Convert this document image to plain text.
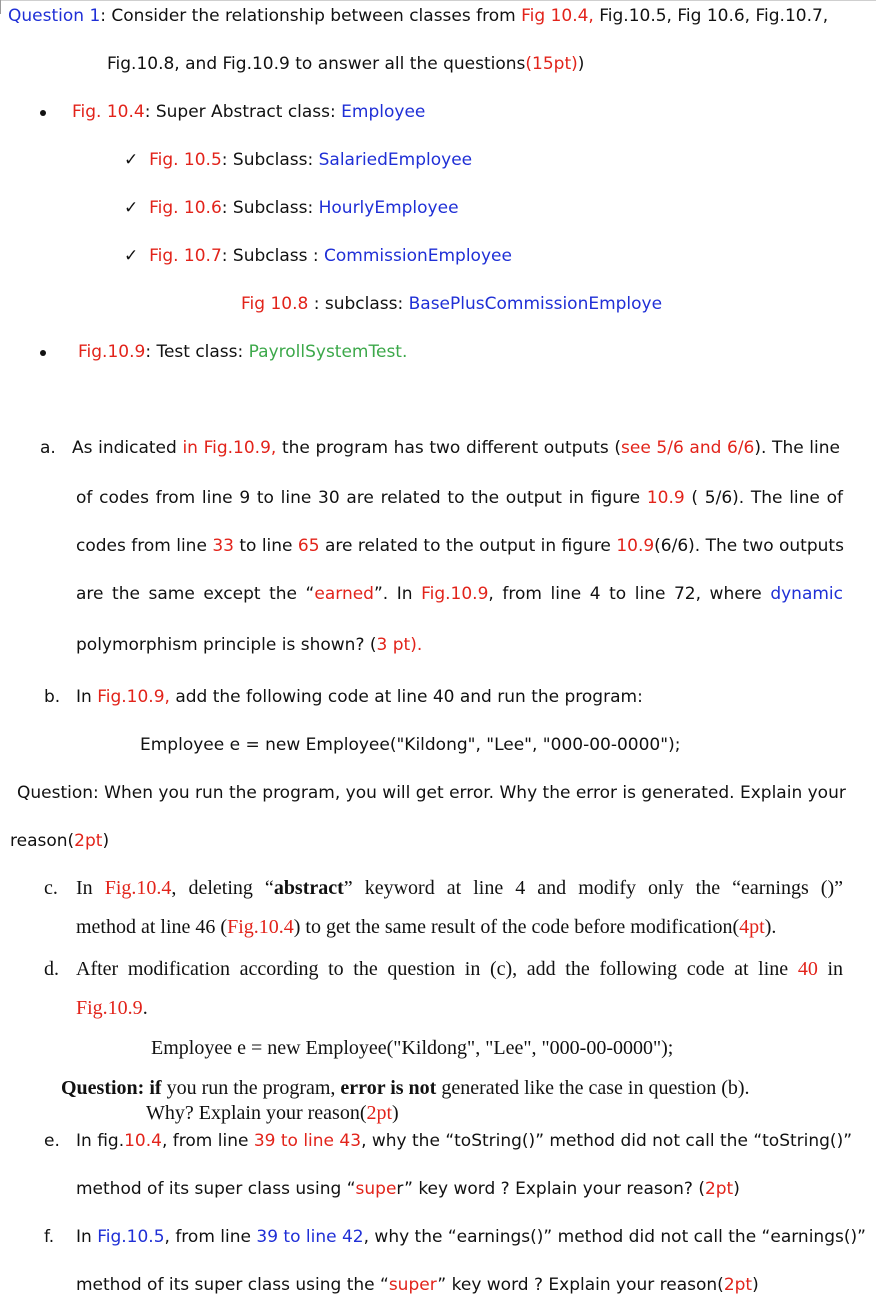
Question 1: Consider the relationship between classes from Fig 10.4, Fig.10.5, Fig 10.6, Fig.10.7,
Fig.10.8, and Fig.10.9 to answer all the questions(15pt))
Fig. 10.4: Super Abstract class: Employee
✓ Fig. 10.5: Subclass: SalariedEmployee
✓ Fig. 10.6: Subclass: HourlyEmployee
✓ Fig. 10.7: Subclass : CommissionEmployee
Fig 10.8 : subclass: BasePlusCommissionEmploye
Fig.10.9: Test class: PayrollSystemTest.
a. As indicated in Fig.10.9, the program has two different outputs (see 5/6 and 6/6). The line
of codes from line 9 to line 30 are related to the output in figure 10.9 ( 5/6). The line of
codes from line 33 to line 65 are related to the output in figure 10.9(6/6). The two outputs
are the same except the “earned”. In Fig.10.9, from line 4 to line 72, where dynamic
polymorphism principle is shown? (3 pt).
b. In Fig.10.9, add the following code at line 40 and run the program:
Employee e = new Employee("Kildong", "Lee", "000-00-0000");
Question: When you run the program, you will get error. Why the error is generated. Explain your
reason(2pt)
c. In Fig.10.4, deleting “abstract” keyword at line 4 and modify only the “earnings ()”
method at line 46 (Fig.10.4) to get the same result of the code before modification(4pt).
d. After modification according to the question in (c), add the following code at line 40 in
Fig.10.9.
Employee e = new Employee("Kildong", "Lee", "000-00-0000");
Question: if you run the program, error is not generated like the case in question (b).
Why? Explain your reason(2pt)
e. In fig.10.4, from line 39 to line 43, why the “toString()” method did not call the “toString()”
method of its super class using “super” key word ? Explain your reason? (2pt)
f. In Fig.10.5, from line 39 to line 42, why the “earnings()” method did not call the “earnings()”
method of its super class using the “super” key word ? Explain your reason(2pt)
